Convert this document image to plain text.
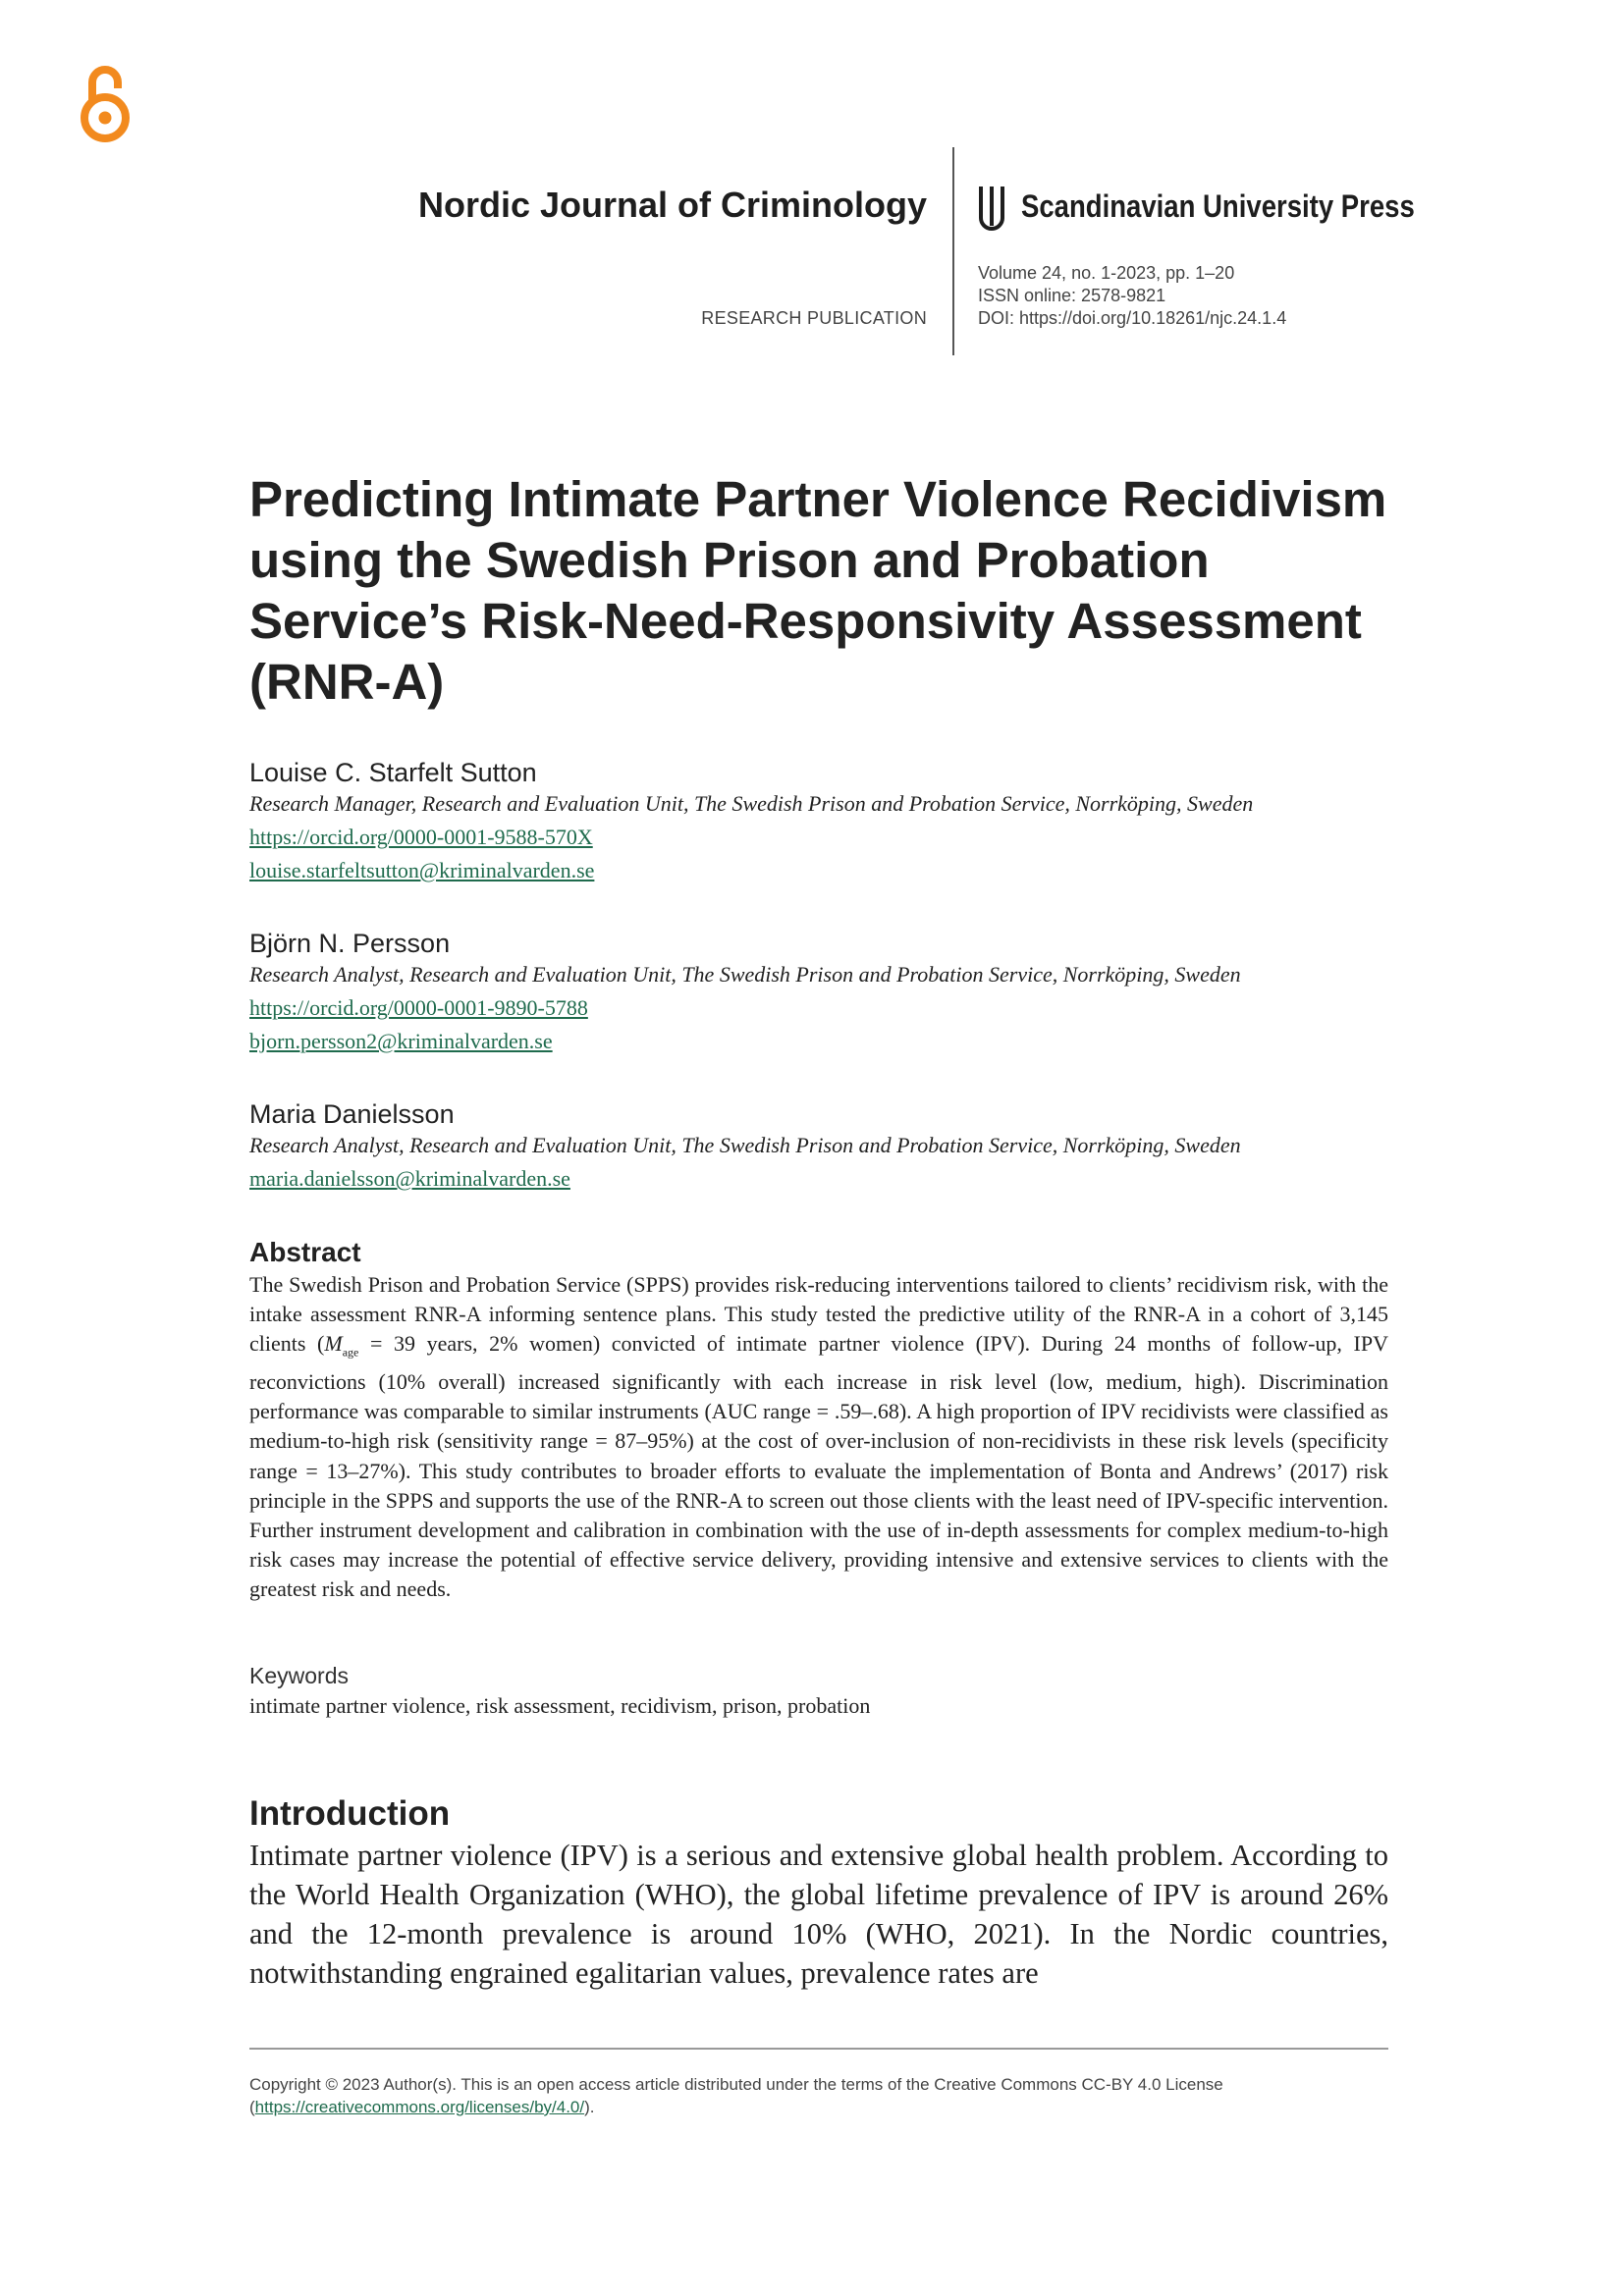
Nordic Journal of Criminology
RESEARCH PUBLICATION
Scandinavian University Press
Volume 24, no. 1-2023, pp. 1–20
ISSN online: 2578-9821
DOI: https://doi.org/10.18261/njc.24.1.4
Predicting Intimate Partner Violence Recidivism using the Swedish Prison and Probation Service’s Risk-Need-Responsivity Assessment (RNR-A)
Louise C. Starfelt Sutton
Research Manager, Research and Evaluation Unit, The Swedish Prison and Probation Service, Norrköping, Sweden
https://orcid.org/0000-0001-9588-570X
louise.starfeltsutton@kriminalvarden.se
Björn N. Persson
Research Analyst, Research and Evaluation Unit, The Swedish Prison and Probation Service, Norrköping, Sweden
https://orcid.org/0000-0001-9890-5788
bjorn.persson2@kriminalvarden.se
Maria Danielsson
Research Analyst, Research and Evaluation Unit, The Swedish Prison and Probation Service, Norrköping, Sweden
maria.danielsson@kriminalvarden.se
Abstract
The Swedish Prison and Probation Service (SPPS) provides risk-reducing interventions tailored to clients’ recidivism risk, with the intake assessment RNR-A informing sentence plans. This study tested the predictive utility of the RNR-A in a cohort of 3,145 clients ($M_{age} = 39$ years, 2% women) convicted of intimate partner violence (IPV). During 24 months of follow-up, IPV reconvictions (10% overall) increased significantly with each increase in risk level (low, medium, high). Discrimination performance was comparable to similar instruments (AUC range = .59–.68). A high proportion of IPV recidivists were classified as medium-to-high risk (sensitivity range = 87–95%) at the cost of over-inclusion of non-recidivists in these risk levels (specificity range = 13–27%). This study contributes to broader efforts to evaluate the implementation of Bonta and Andrews’ (2017) risk principle in the SPPS and supports the use of the RNR-A to screen out those clients with the least need of IPV-specific intervention. Further instrument development and calibration in combination with the use of in-depth assessments for complex medium-to-high risk cases may increase the potential of effective service delivery, providing intensive and extensive services to clients with the greatest risk and needs.
Keywords
intimate partner violence, risk assessment, recidivism, prison, probation
Introduction
Intimate partner violence (IPV) is a serious and extensive global health problem. According to the World Health Organization (WHO), the global lifetime prevalence of IPV is around 26% and the 12-month prevalence is around 10% (WHO, 2021). In the Nordic countries, notwithstanding engrained egalitarian values, prevalence rates are
Copyright © 2023 Author(s). This is an open access article distributed under the terms of the Creative Commons CC-BY 4.0 License (https://creativecommons.org/licenses/by/4.0/).
